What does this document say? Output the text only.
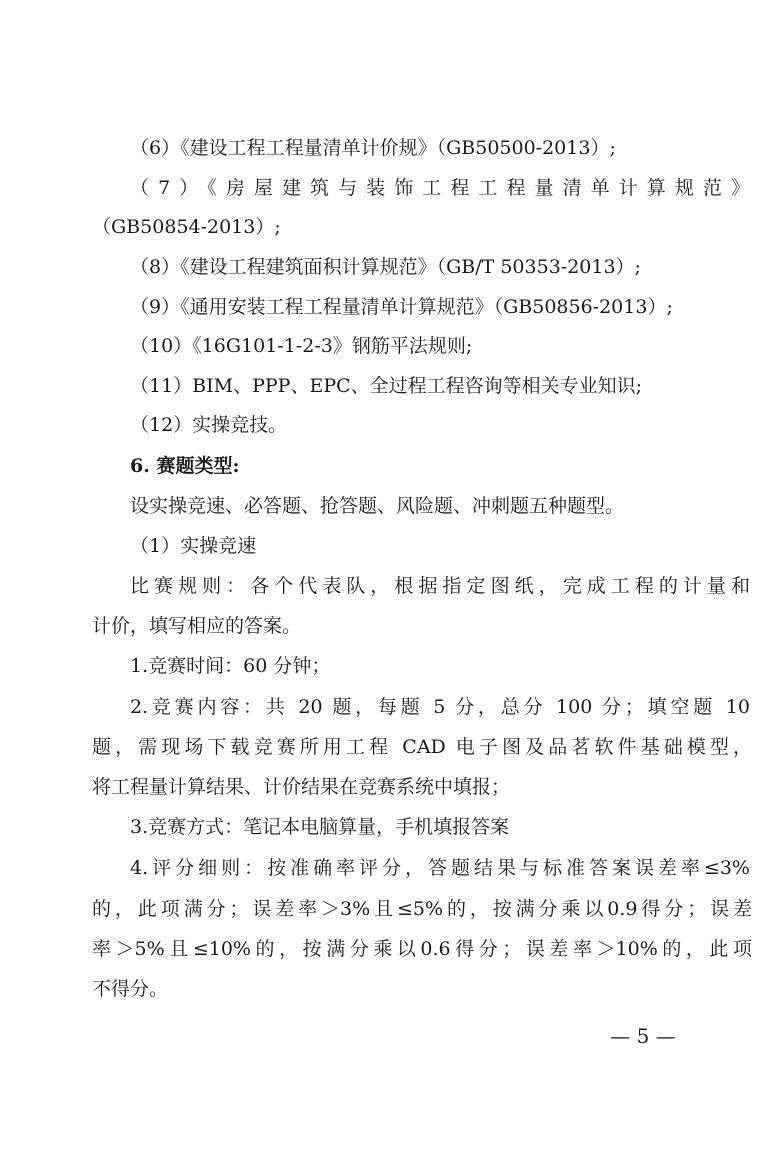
（6）《建设工程工程量清单计价规》（GB50500-2013）;

（7）《房屋建筑与装饰工程工程量清单计算规范》

（GB50854-2013）;

（8）《建设工程建筑面积计算规范》（GB/T 50353-2013）;

（9）《通用安装工程工程量清单计算规范》（GB50856-2013）;

（10）《16G101-1-2-3》钢筋平法规则;

（11）BIM、PPP、EPC、全过程工程咨询等相关专业知识;

（12）实操竞技。

6. 赛题类型:

设实操竞速、必答题、抢答题、风险题、冲刺题五种题型。

（1）实操竞速

比赛规则：各个代表队，根据指定图纸，完成工程的计量和

计价，填写相应的答案。

1.竞赛时间：60 分钟；

2.竞赛内容：共 20 题，每题 5 分，总分 100 分；填空题 10

题，需现场下载竞赛所用工程 CAD 电子图及品茗软件基础模型，

将工程量计算结果、计价结果在竞赛系统中填报；

3.竞赛方式：笔记本电脑算量，手机填报答案

4.评分细则：按准确率评分，答题结果与标准答案误差率≤3%

的，此项满分；误差率＞3%且≤5%的，按满分乘以0.9得分；误差

率＞5%且≤10%的，按满分乘以0.6得分；误差率＞10%的，此项

不得分。

— 5 —
